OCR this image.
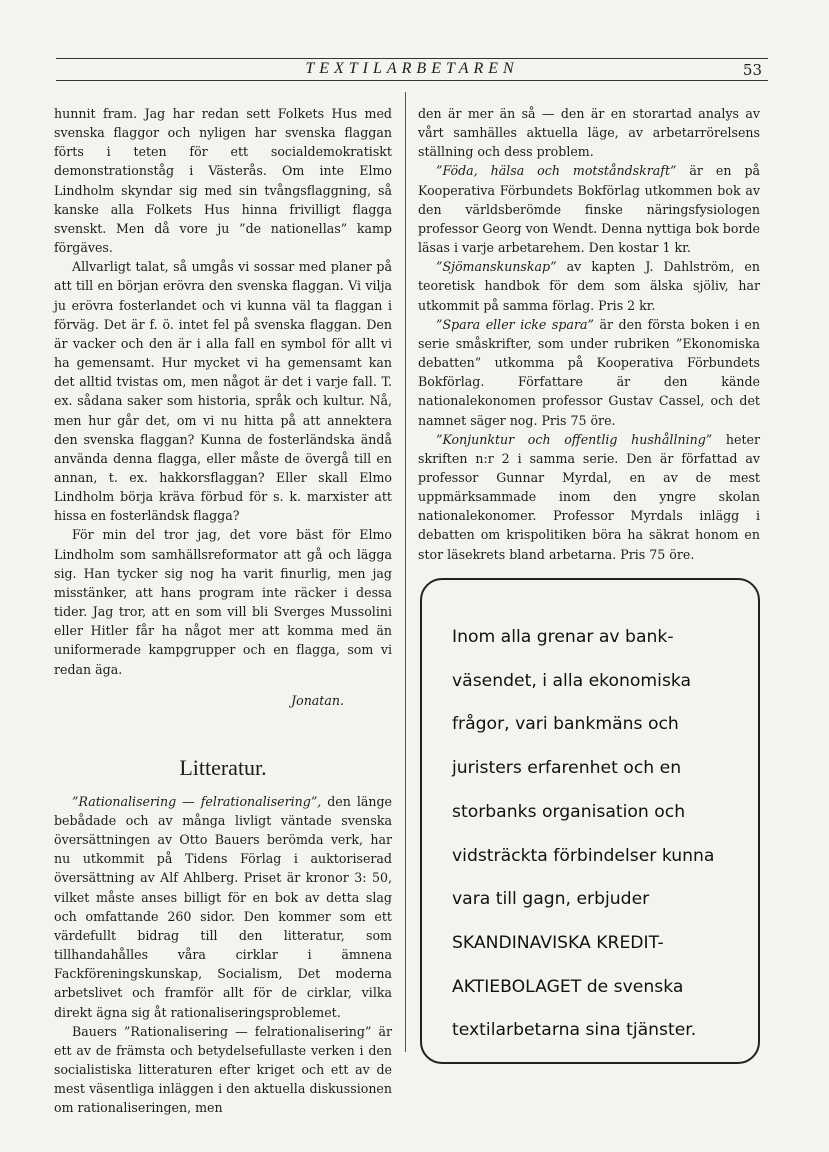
TEXTILARBETAREN	53

hunnit fram. Jag har redan sett Folkets Hus med svenska flaggor och nyligen har svenska flaggan förts i teten för ett socialdemokratiskt demonstrationståg i Västerås. Om inte Elmo Lindholm skyndar sig med sin tvångsflaggning, så kanske alla Folkets Hus hinna frivilligt flagga svenskt. Men då vore ju ”de nationellas” kamp förgäves.

Allvarligt talat, så umgås vi sossar med planer på att till en början erövra den svenska flaggan. Vi vilja ju erövra fosterlandet och vi kunna väl ta flaggan i förväg. Det är f. ö. intet fel på svenska flaggan. Den är vacker och den är i alla fall en symbol för allt vi ha gemensamt. Hur mycket vi ha gemensamt kan det alltid tvistas om, men något är det i varje fall. T. ex. sådana saker som historia, språk och kultur. Nå, men hur går det, om vi nu hitta på att annektera den svenska flaggan? Kunna de fosterländska ändå använda denna flagga, eller måste de övergå till en annan, t. ex. hakkorsflaggan? Eller skall Elmo Lindholm börja kräva förbud för s. k. marxister att hissa en fosterländsk flagga?

För min del tror jag, det vore bäst för Elmo Lindholm som samhällsreformator att gå och lägga sig. Han tycker sig nog ha varit finurlig, men jag misstänker, att hans program inte räcker i dessa tider. Jag tror, att en som vill bli Sverges Mussolini eller Hitler får ha något mer att komma med än uniformerade kampgrupper och en flagga, som vi redan äga.

Jonatan.

Litteratur.

”Rationalisering — felrationalisering”, den länge bebådade och av många livligt väntade svenska översättningen av Otto Bauers berömda verk, har nu utkommit på Tidens Förlag i auktoriserad översättning av Alf Ahlberg. Priset är kronor 3: 50, vilket måste anses billigt för en bok av detta slag och omfattande 260 sidor. Den kommer som ett värdefullt bidrag till den litteratur, som tillhandahålles våra cirklar i ämnena Fackföreningskunskap, Socialism, Det moderna arbetslivet och framför allt för de cirklar, vilka direkt ägna sig åt rationaliseringsproblemet.

Bauers ”Rationalisering — felrationalisering” är ett av de främsta och betydelsefullaste verken i den socialistiska litteraturen efter kriget och ett av de mest väsentliga inläggen i den aktuella diskussionen om rationaliseringen, men

den är mer än så — den är en storartad analys av vårt samhälles aktuella läge, av arbetarrörelsens ställning och dess problem.

”Föda, hälsa och motståndskraft” är en på Kooperativa Förbundets Bokförlag utkommen bok av den världsberömde finske näringsfysiologen professor Georg von Wendt. Denna nyttiga bok borde läsas i varje arbetarehem. Den kostar 1 kr.

”Sjömanskunskap” av kapten J. Dahlström, en teoretisk handbok för dem som älska sjöliv, har utkommit på samma förlag. Pris 2 kr.

”Spara eller icke spara” är den första boken i en serie småskrifter, som under rubriken ”Ekonomiska debatten” utkomma på Kooperativa Förbundets Bokförlag. Författare är den kände nationalekonomen professor Gustav Cassel, och det namnet säger nog. Pris 75 öre.

”Konjunktur och offentlig hushållning” heter skriften n:r 2 i samma serie. Den är författad av professor Gunnar Myrdal, en av de mest uppmärksammade inom den yngre skolan nationalekonomer. Professor Myrdals inlägg i debatten om krispolitiken böra ha säkrat honom en stor läsekrets bland arbetarna. Pris 75 öre.

Inom alla grenar av bank-
väsendet, i alla ekonomiska
frågor, vari bankmäns och
juristers erfarenhet och en
storbanks organisation och
vidsträckta förbindelser kunna
vara till gagn, erbjuder
SKANDINAVISKA KREDIT-
AKTIEBOLAGET de svenska
textilarbetarna sina tjänster.
